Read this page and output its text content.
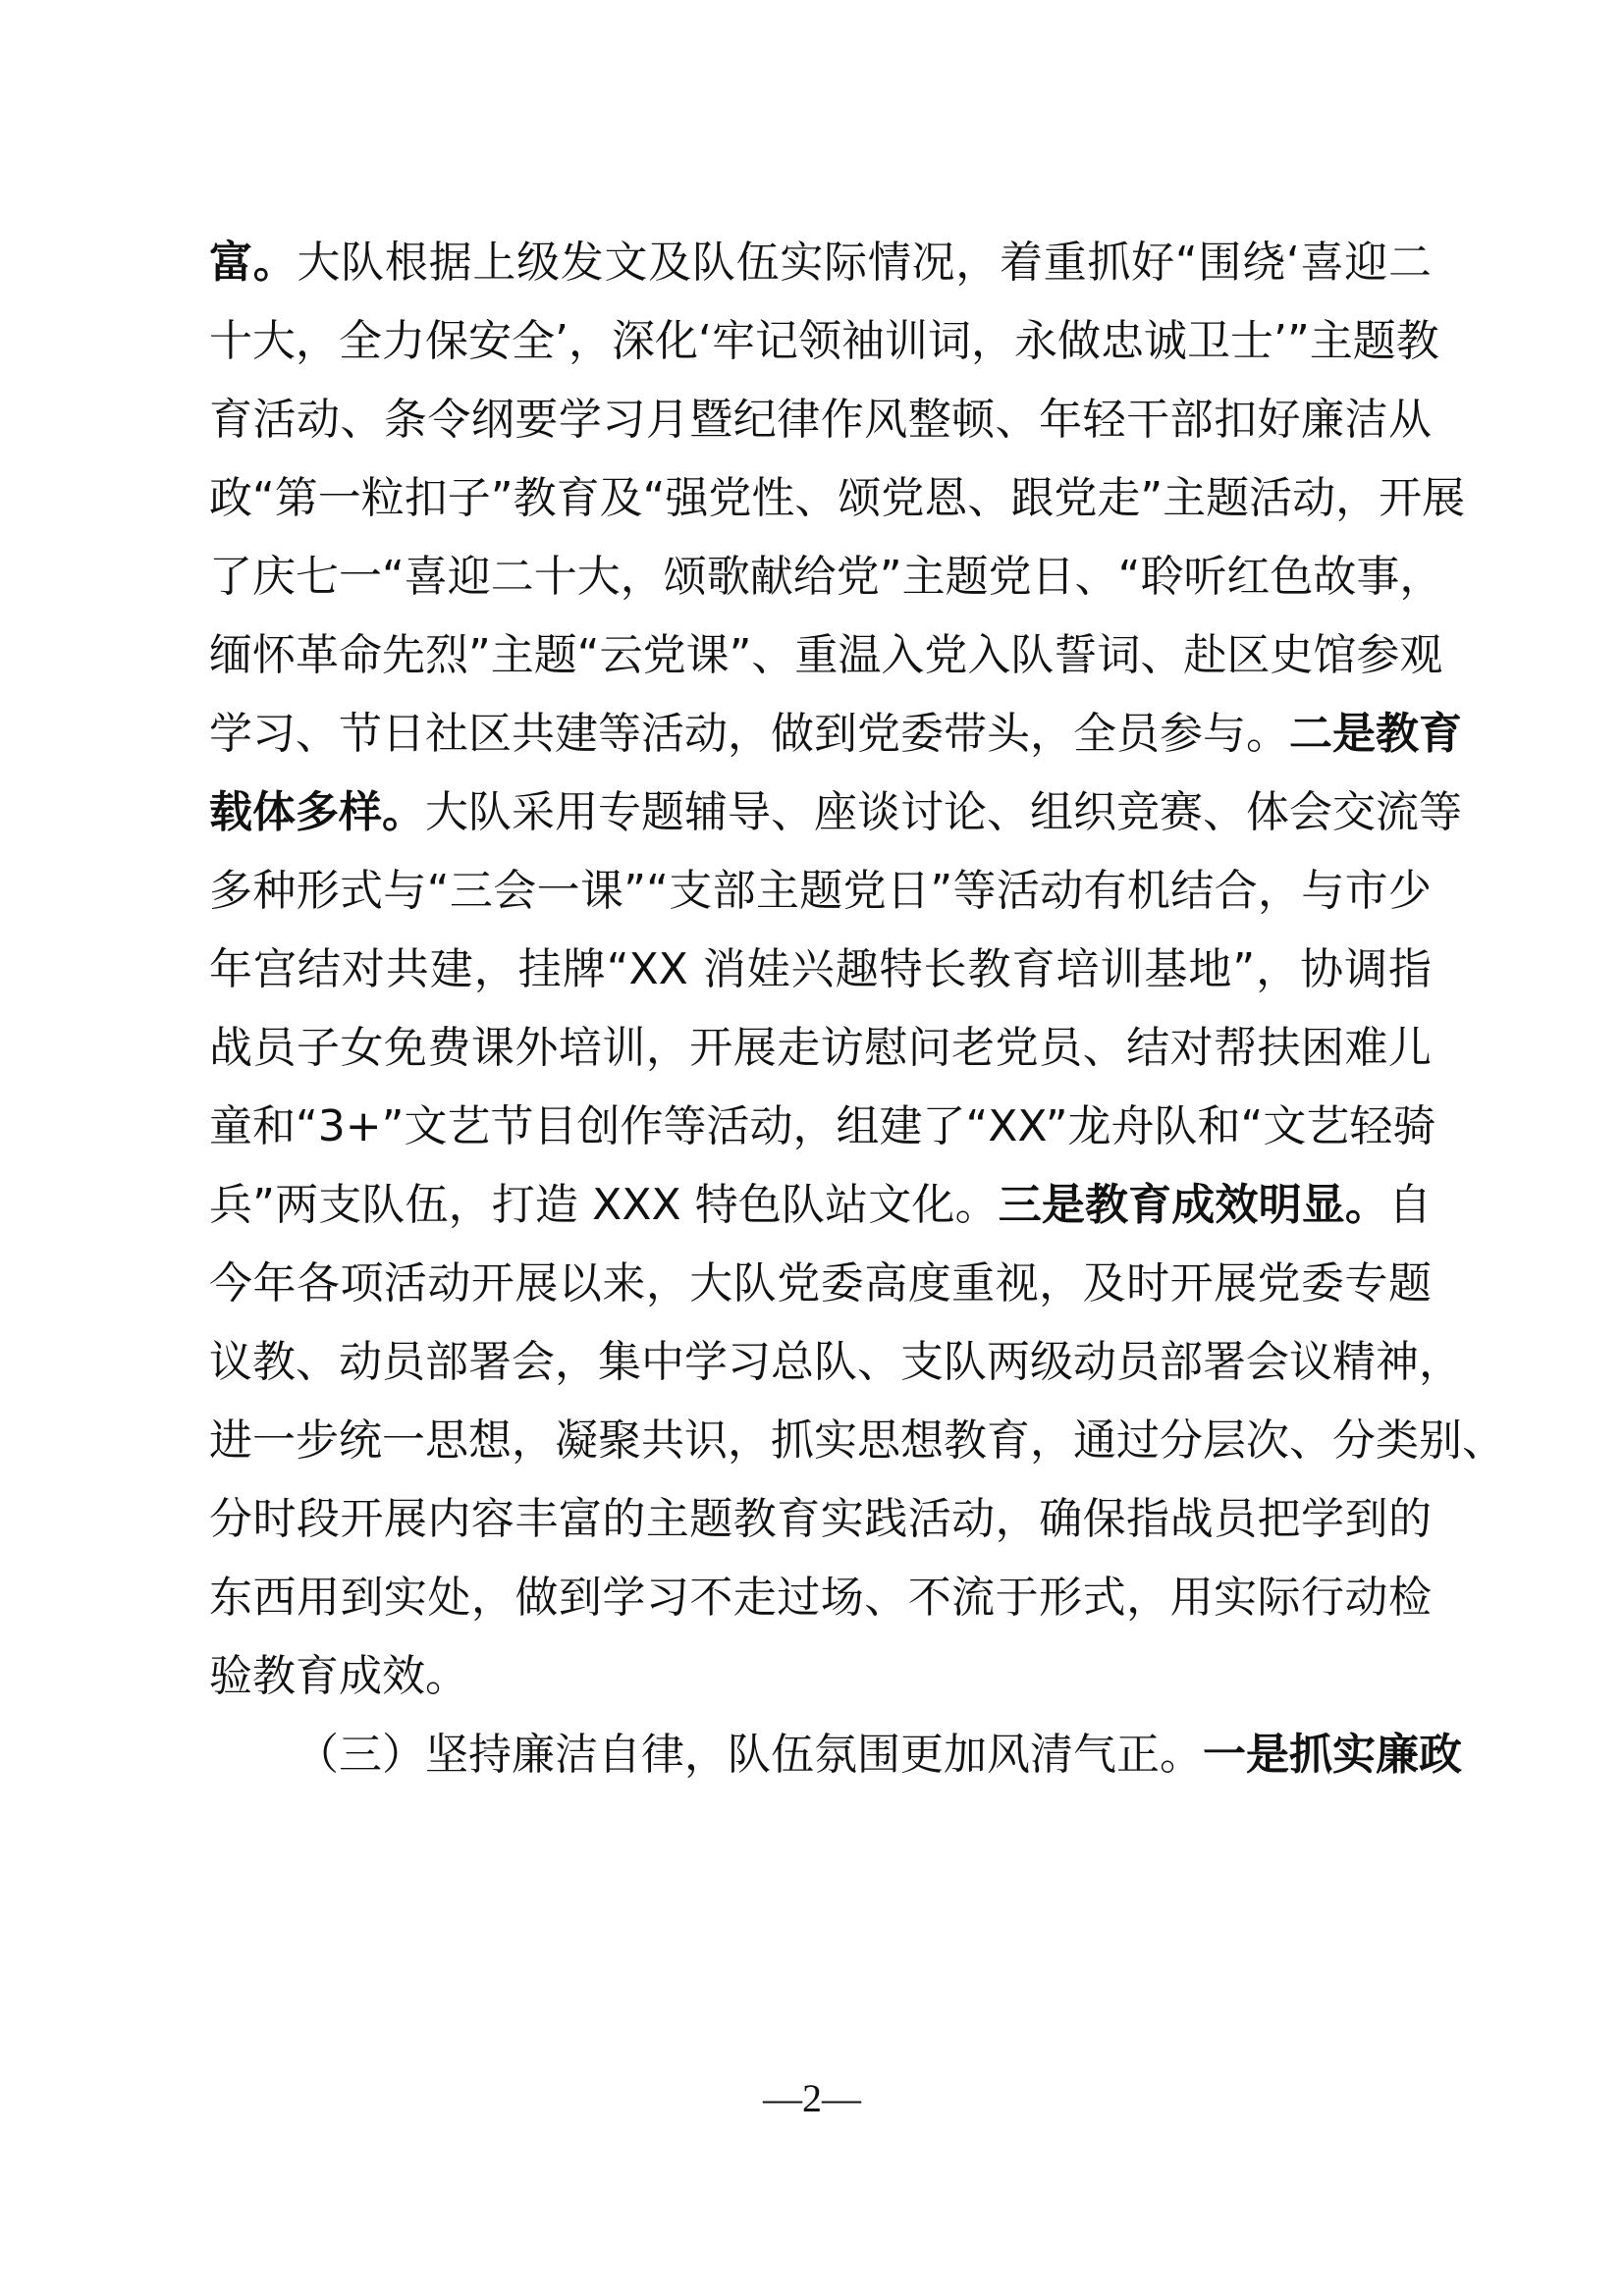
富。大队根据上级发文及队伍实际情况，着重抓好“围绕‘喜迎二
十大，全力保安全’，深化‘牢记领袖训词，永做忠诚卫士’”主题教
育活动、条令纲要学习月暨纪律作风整顿、年轻干部扣好廉洁从
政“第一粒扣子”教育及“强党性、颂党恩、跟党走”主题活动，开展
了庆七一“喜迎二十大，颂歌献给党”主题党日、“聆听红色故事，
缅怀革命先烈”主题“云党课”、重温入党入队誓词、赴区史馆参观
学习、节日社区共建等活动，做到党委带头，全员参与。二是教育
载体多样。大队采用专题辅导、座谈讨论、组织竞赛、体会交流等
多种形式与“三会一课”“支部主题党日”等活动有机结合，与市少
年宫结对共建，挂牌“XX 消娃兴趣特长教育培训基地”，协调指
战员子女免费课外培训，开展走访慰问老党员、结对帮扶困难儿
童和“3+”文艺节目创作等活动，组建了“XX”龙舟队和“文艺轻骑
兵”两支队伍，打造 XXX 特色队站文化。三是教育成效明显。自
今年各项活动开展以来，大队党委高度重视，及时开展党委专题
议教、动员部署会，集中学习总队、支队两级动员部署会议精神，
进一步统一思想，凝聚共识，抓实思想教育，通过分层次、分类别、
分时段开展内容丰富的主题教育实践活动，确保指战员把学到的
东西用到实处，做到学习不走过场、不流于形式，用实际行动检
验教育成效。
（三）坚持廉洁自律，队伍氛围更加风清气正。一是抓实廉政
—2—
